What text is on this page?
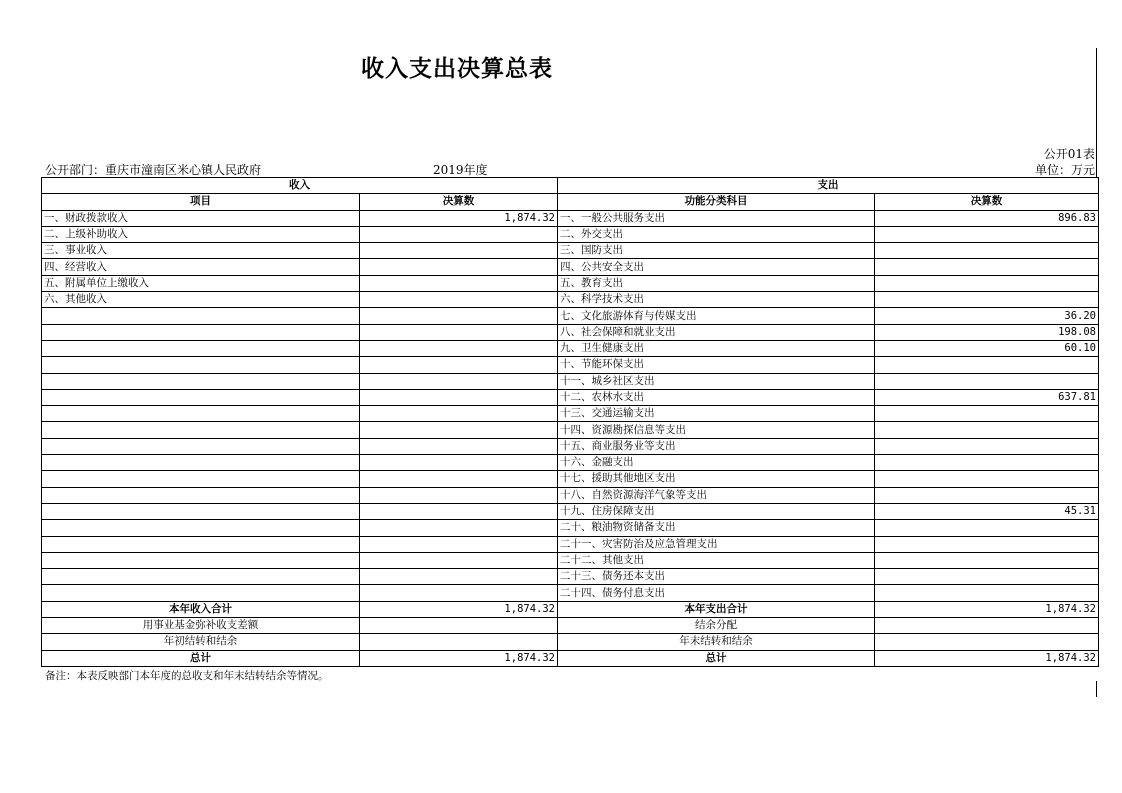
收入支出决算总表
公开01表
公开部门：重庆市潼南区米心镇人民政府	2019年度	单位：万元
收入		支出	
项目	决算数	功能分类科目	决算数
一、财政拨款收入	1,874.32	一、一般公共服务支出	896.83
二、上级补助收入		二、外交支出	
三、事业收入		三、国防支出	
四、经营收入		四、公共安全支出	
五、附属单位上缴收入		五、教育支出	
六、其他收入		六、科学技术支出	
		七、文化旅游体育与传媒支出	36.20
		八、社会保障和就业支出	198.08
		九、卫生健康支出	60.10
		十、节能环保支出	
		十一、城乡社区支出	
		十二、农林水支出	637.81
		十三、交通运输支出	
		十四、资源勘探信息等支出	
		十五、商业服务业等支出	
		十六、金融支出	
		十七、援助其他地区支出	
		十八、自然资源海洋气象等支出	
		十九、住房保障支出	45.31
		二十、粮油物资储备支出	
		二十一、灾害防治及应急管理支出	
		二十二、其他支出	
		二十三、债务还本支出	
		二十四、债务付息支出	
本年收入合计	1,874.32	本年支出合计	1,874.32
用事业基金弥补收支差额		结余分配	
年初结转和结余		年末结转和结余	
总计	1,874.32	总计	1,874.32
备注：本表反映部门本年度的总收支和年末结转结余等情况。
